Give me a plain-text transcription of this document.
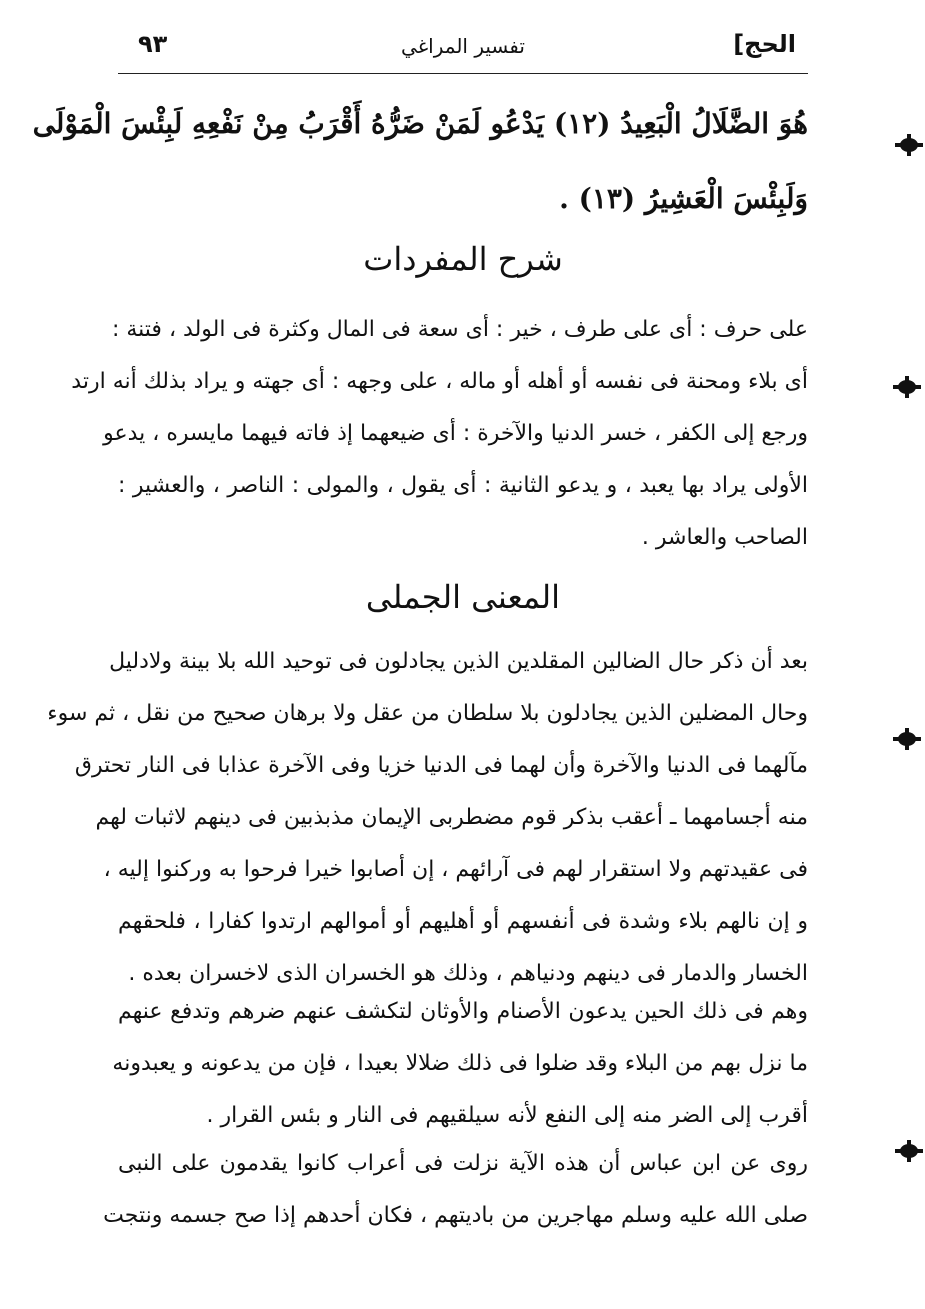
٩٣	تفسير المراغي	الحج]
هُوَ الضَّلَالُ الْبَعِيدُ (١٢) يَدْعُو لَمَنْ ضَرُّهُ أَقْرَبُ مِنْ نَفْعِهِ لَبِئْسَ الْمَوْلَى
وَلَبِئْسَ الْعَشِيرُ (١٣) .
شرح المفردات
على حرف : أى على طرف ، خير : أى سعة فى المال وكثرة فى الولد ، فتنة :
أى بلاء ومحنة فى نفسه أو أهله أو ماله ، على وجهه : أى جهته و يراد بذلك أنه ارتد
ورجع إلى الكفر ، خسر الدنيا والآخرة : أى ضيعهما إذ فاته فيهما مايسره ، يدعو
الأولى يراد بها يعبد ، و يدعو الثانية : أى يقول ، والمولى : الناصر ، والعشير :
الصاحب والعاشر .
المعنى الجملى
بعد أن ذكر حال الضالين المقلدين الذين يجادلون فى توحيد الله بلا بينة ولادليل
وحال المضلين الذين يجادلون بلا سلطان من عقل ولا برهان صحيح من نقل ، ثم سوء
مآلهما فى الدنيا والآخرة وأن لهما فى الدنيا خزيا وفى الآخرة عذابا فى النار تحترق
منه أجسامهما ـ أعقب بذكر قوم مضطربى الإيمان مذبذبين فى دينهم لاثبات لهم
فى عقيدتهم ولا استقرار لهم فى آرائهم ، إن أصابوا خيرا فرحوا به وركنوا إليه ،
و إن نالهم بلاء وشدة فى أنفسهم أو أهليهم أو أموالهم ارتدوا كفارا ، فلحقهم
الخسار والدمار فى دينهم ودنياهم ، وذلك هو الخسران الذى لاخسران بعده .
وهم فى ذلك الحين يدعون الأصنام والأوثان لتكشف عنهم ضرهم وتدفع عنهم
ما نزل بهم من البلاء وقد ضلوا فى ذلك ضلالا بعيدا ، فإن من يدعونه و يعبدونه
أقرب إلى الضر منه إلى النفع لأنه سيلقيهم فى النار و بئس القرار .
روى عن ابن عباس أن هذه الآية نزلت فى أعراب كانوا يقدمون على النبى
صلى الله عليه وسلم مهاجرين من باديتهم ، فكان أحدهم إذا صح جسمه ونتجت
